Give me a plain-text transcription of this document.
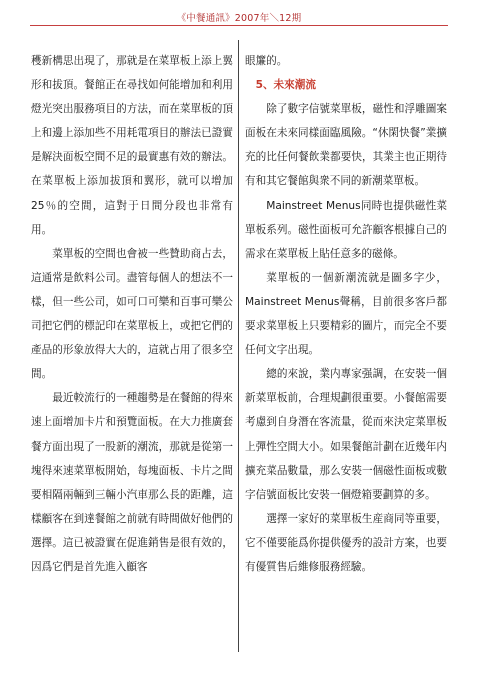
《中餐通訊》2007年＼12期

穫新構思出現了，那就是在菜單板上添上翼形和拔頂。餐館正在尋找如何能增加和利用燈光突出服務項目的方法，而在菜單板的頂上和邊上添加些不用耗電項目的辦法已證實是解決面板空間不足的最實惠有效的辦法。在菜單板上添加拔頂和翼形，就可以增加25％的空間，這對于日間分段也非常有用。

菜單板的空間也會被一些贊助商占去，這通常是飲料公司。盡管每個人的想法不一樣，但一些公司，如可口可樂和百事可樂公司把它們的標記印在菜單板上，或把它們的產品的形象放得大大的，這就占用了很多空間。

最近較流行的一種趨勢是在餐館的得來速上面增加卡片和預覽面板。在大力推廣套餐方面出現了一股新的潮流，那就是從第一塊得來速菜單板開始，每塊面板、卡片之間要相隔兩輛到三輛小汽車那么長的距離，這樣顧客在到達餐館之前就有時間做好他們的選擇。這已被證實在促進銷售是很有效的，因爲它們是首先進入顧客

眼簾的。

5、未來潮流

除了數字信號菜單板，磁性和浮雕圖案面板在未來同樣面臨風險。“休閑快餐”業擴充的比任何餐飲業都要快，其業主也正期待有和其它餐館與衆不同的新潮菜單板。

Mainstreet Menus同時也提供磁性菜單板系列。磁性面板可允許顧客根據自己的需求在菜單板上貼任意多的磁條。

菜單板的一個新潮流就是圖多字少，Mainstreet Menus聲稱，目前很多客戶都要求菜單板上只要精彩的圖片，而完全不要任何文字出現。

總的來說，業内專家强調，在安裝一個新菜單板前，合理規劃很重要。小餐館需要考慮到自身潛在客流量，從而來決定菜單板上彈性空間大小。如果餐館計劃在近幾年内擴充菜品數量，那么安裝一個磁性面板或數字信號面板比安裝一個燈箱要劃算的多。

選擇一家好的菜單板生産商同等重要，它不僅要能爲你提供優秀的設計方案，也要有優質售后維修服務經驗。
